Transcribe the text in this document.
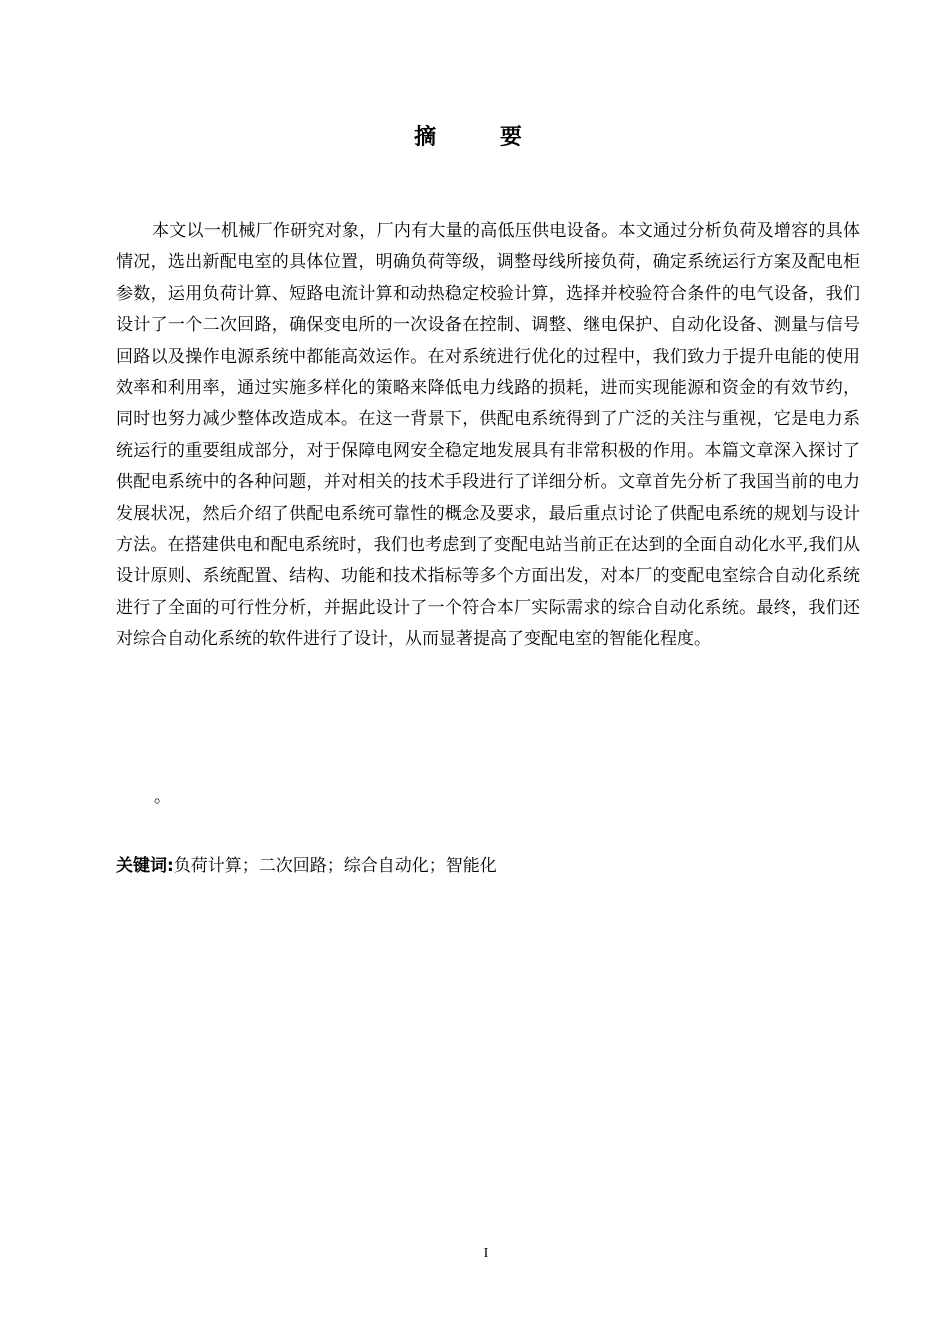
摘 要

本文以一机械厂作研究对象，厂内有大量的高低压供电设备。本文通过分析负荷及增容的具体情况，选出新配电室的具体位置，明确负荷等级，调整母线所接负荷，确定系统运行方案及配电柜参数，运用负荷计算、短路电流计算和动热稳定校验计算，选择并校验符合条件的电气设备，我们设计了一个二次回路，确保变电所的一次设备在控制、调整、继电保护、自动化设备、测量与信号回路以及操作电源系统中都能高效运作。在对系统进行优化的过程中，我们致力于提升电能的使用效率和利用率，通过实施多样化的策略来降低电力线路的损耗，进而实现能源和资金的有效节约，同时也努力减少整体改造成本。在这一背景下，供配电系统得到了广泛的关注与重视，它是电力系统运行的重要组成部分，对于保障电网安全稳定地发展具有非常积极的作用。本篇文章深入探讨了供配电系统中的各种问题，并对相关的技术手段进行了详细分析。文章首先分析了我国当前的电力发展状况，然后介绍了供配电系统可靠性的概念及要求，最后重点讨论了供配电系统的规划与设计方法。在搭建供电和配电系统时，我们也考虑到了变配电站当前正在达到的全面自动化水平,我们从设计原则、系统配置、结构、功能和技术指标等多个方面出发，对本厂的变配电室综合自动化系统进行了全面的可行性分析，并据此设计了一个符合本厂实际需求的综合自动化系统。最终，我们还对综合自动化系统的软件进行了设计，从而显著提高了变配电室的智能化程度。

。
关键词:负荷计算；二次回路；综合自动化；智能化
I
